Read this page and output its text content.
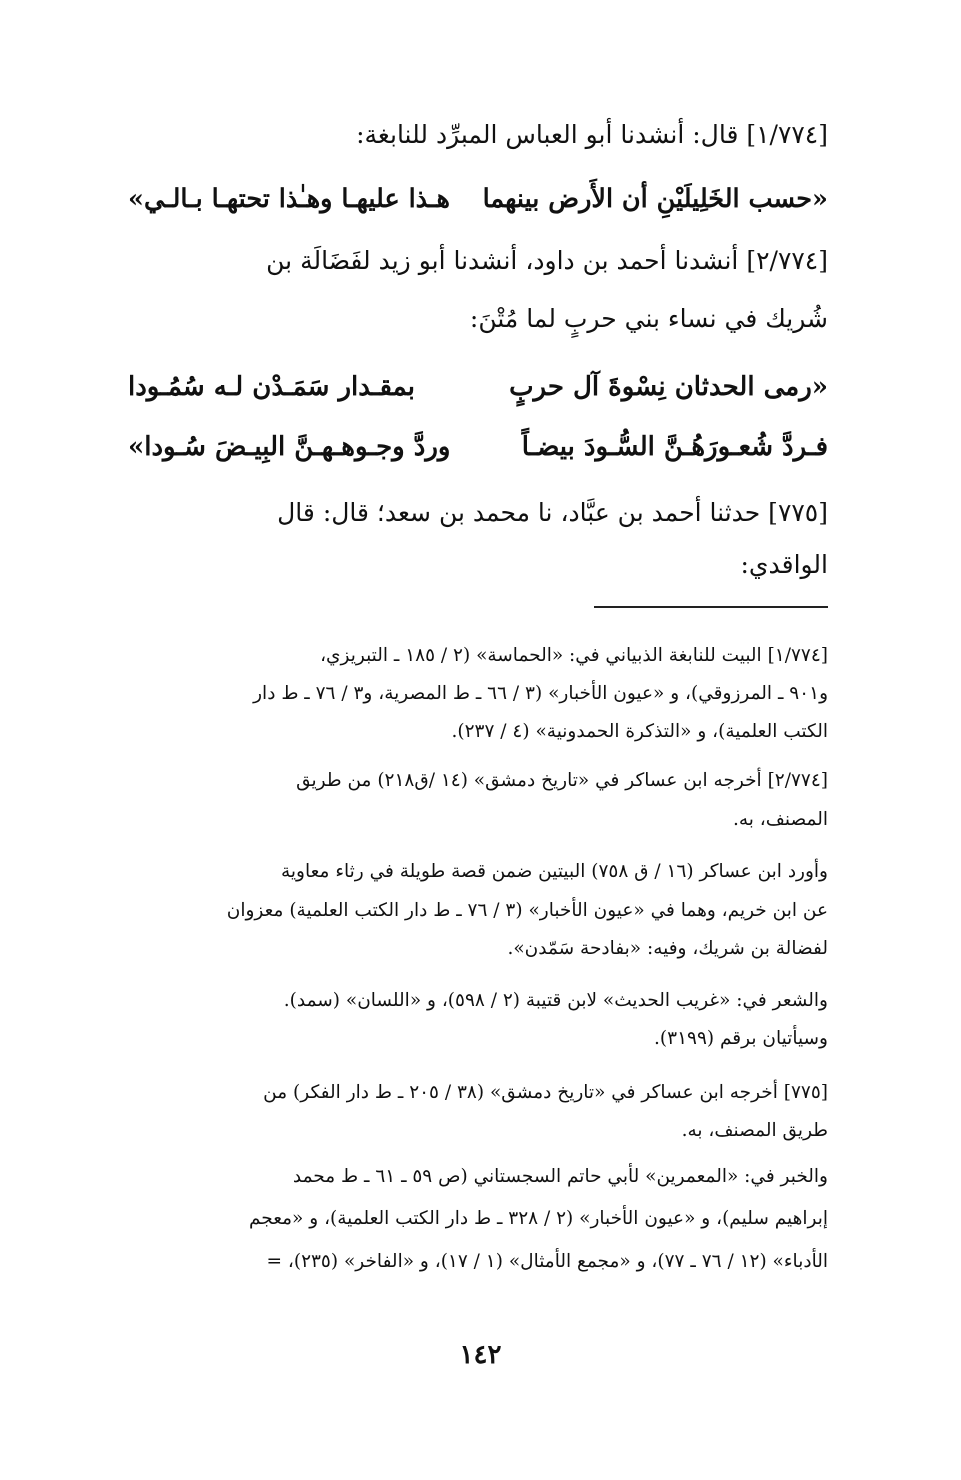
[١/٧٧٤] قال: أنشدنا أبو العباس المبرِّد للنابغة:
«حسب الخَلِيلَيْنِ أن الأَرض بينهما
هـذا عليهـا وهـٰذا تحتهـا بـالـي»
[٢/٧٧٤] أنشدنا أحمد بن داود، أنشدنا أبو زيد لفَضَالَة بن
شُريك في نساء بني حربٍ لما مُتْنَ:
«رمى الحدثان نِسْوةَ آل حربٍ
بمقـدار سَمَـدْن لـه سُمُـودا
فـردَّ شُعـورَهُـنَّ السُّـودَ بيضـاً
وردَّ وجـوهـهـنَّ البِيـضَ سُـودا»
[٧٧٥] حدثنا أحمد بن عبَّاد، نا محمد بن سعد؛ قال: قال
الواقدي:
[١/٧٧٤] البيت للنابغة الذبياني في: «الحماسة» (٢ / ١٨٥ ـ التبريزي،
و٩٠١ ـ المرزوقي)، و «عيون الأخبار» (٣ / ٦٦ ـ ط المصرية، و٣ / ٧٦ ـ ط دار
الكتب العلمية)، و «التذكرة الحمدونية» (٤ / ٢٣٧).
[٢/٧٧٤] أخرجه ابن عساكر في «تاريخ دمشق» (١٤ /ق٢١٨) من طريق
المصنف، به.
وأورد ابن عساكر (١٦ / ق ٧٥٨) البيتين ضمن قصة طويلة في رثاء معاوية
عن ابن خريم، وهما في «عيون الأخبار» (٣ / ٧٦ ـ ط دار الكتب العلمية) معزوان
لفضالة بن شريك، وفيه: «بفادحة سَمّدن».
والشعر في: «غريب الحديث» لابن قتيبة (٢ / ٥٩٨)، و «اللسان» (سمد).
وسيأتيان برقم (٣١٩٩).
[٧٧٥] أخرجه ابن عساكر في «تاريخ دمشق» (٣٨ / ٢٠٥ ـ ط دار الفكر) من
طريق المصنف، به.
والخبر في: «المعمرين» لأبي حاتم السجستاني (ص ٥٩ ـ ٦١ ـ ط محمد
إبراهيم سليم)، و «عيون الأخبار» (٢ / ٣٢٨ ـ ط دار الكتب العلمية)، و «معجم
الأدباء» (١٢ / ٧٦ ـ ٧٧)، و «مجمع الأمثال» (١ / ١٧)، و «الفاخر» (٢٣٥)، =
١٤٢
